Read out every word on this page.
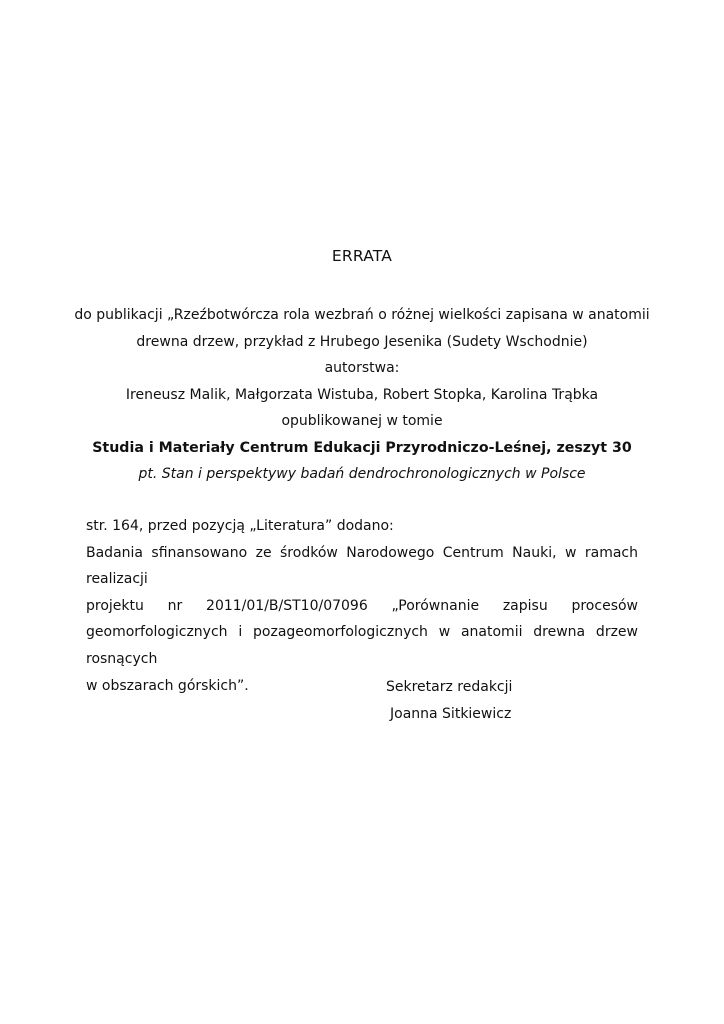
ERRATA
do publikacji „Rzeźbotwórcza rola wezbrań o różnej wielkości zapisana w anatomii
drewna drzew, przykład z Hrubego Jesenika (Sudety Wschodnie)
autorstwa:
Ireneusz Malik, Małgorzata Wistuba, Robert Stopka, Karolina Trąbka
opublikowanej w tomie
Studia i Materiały Centrum Edukacji Przyrodniczo-Leśnej, zeszyt 30
pt. Stan i perspektywy badań dendrochronologicznych w Polsce
str. 164, przed pozycją „Literatura” dodano:
Badania sfinansowano ze środków Narodowego Centrum Nauki, w ramach realizacji
projektu nr 2011/01/B/ST10/07096 „Porównanie zapisu procesów
geomorfologicznych i pozageomorfologicznych w anatomii drewna drzew rosnących
w obszarach górskich”.	Sekretarz redakcji
Joanna Sitkiewicz
